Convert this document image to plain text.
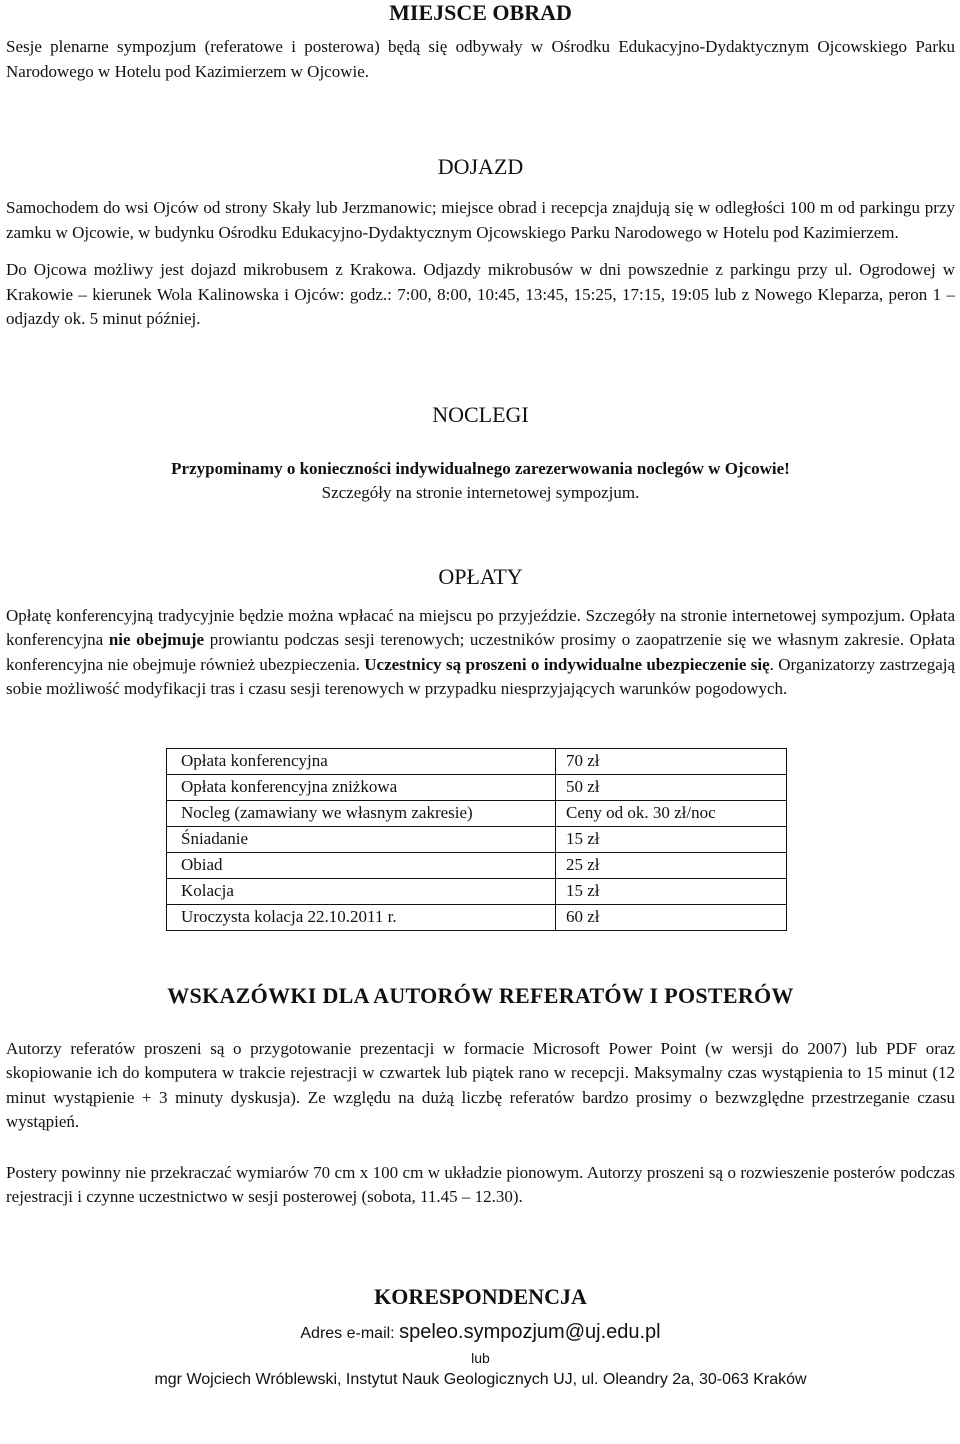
MIEJSCE OBRAD

Sesje plenarne sympozjum (referatowe i posterowa) będą się odbywały w Ośrodku Edukacyjno-Dydaktycznym Ojcowskiego Parku Narodowego w Hotelu pod Kazimierzem w Ojcowie.

DOJAZD

Samochodem do wsi Ojców od strony Skały lub Jerzmanowic; miejsce obrad i recepcja znajdują się w odległości 100 m od parkingu przy zamku w Ojcowie, w budynku Ośrodku Edukacyjno-Dydaktycznym Ojcowskiego Parku Narodowego w Hotelu pod Kazimierzem.

Do Ojcowa możliwy jest dojazd mikrobusem z Krakowa. Odjazdy mikrobusów w dni powszednie z parkingu przy ul. Ogrodowej w Krakowie – kierunek Wola Kalinowska i Ojców: godz.: 7:00, 8:00, 10:45, 13:45, 15:25, 17:15, 19:05 lub z Nowego Kleparza, peron 1 – odjazdy ok. 5 minut później.

NOCLEGI

Przypominamy o konieczności indywidualnego zarezerwowania noclegów w Ojcowie!

Szczegóły na stronie internetowej sympozjum.

OPŁATY

Opłatę konferencyjną tradycyjnie będzie można wpłacać na miejscu po przyjeździe. Szczegóły na stronie internetowej sympozjum. Opłata konferencyjna nie obejmuje prowiantu podczas sesji terenowych; uczestników prosimy o zaopatrzenie się we własnym zakresie. Opłata konferencyjna nie obejmuje również ubezpieczenia. Uczestnicy są proszeni o indywidualne ubezpieczenie się. Organizatorzy zastrzegają sobie możliwość modyfikacji tras i czasu sesji terenowych w przypadku niesprzyjających warunków pogodowych.

Opłata konferencyjna	70 zł
Opłata konferencyjna zniżkowa	50 zł
Nocleg (zamawiany we własnym zakresie)	Ceny od ok. 30 zł/noc
Śniadanie	15 zł
Obiad	25 zł
Kolacja	15 zł
Uroczysta kolacja 22.10.2011 r.	60 zł
WSKAZÓWKI DLA AUTORÓW REFERATÓW I POSTERÓW

Autorzy referatów proszeni są o przygotowanie prezentacji w formacie Microsoft Power Point (w wersji do 2007) lub PDF oraz skopiowanie ich do komputera w trakcie rejestracji w czwartek lub piątek rano w recepcji. Maksymalny czas wystąpienia to 15 minut (12 minut wystąpienie + 3 minuty dyskusja). Ze względu na dużą liczbę referatów bardzo prosimy o bezwzględne przestrzeganie czasu wystąpień.

Postery powinny nie przekraczać wymiarów 70 cm x 100 cm w układzie pionowym. Autorzy proszeni są o rozwieszenie posterów podczas rejestracji i czynne uczestnictwo w sesji posterowej (sobota, 11.45 – 12.30).

KORESPONDENCJA

Adres e-mail: speleo.sympozjum@uj.edu.pl

lub

mgr Wojciech Wróblewski, Instytut Nauk Geologicznych UJ, ul. Oleandry 2a, 30-063 Kraków
